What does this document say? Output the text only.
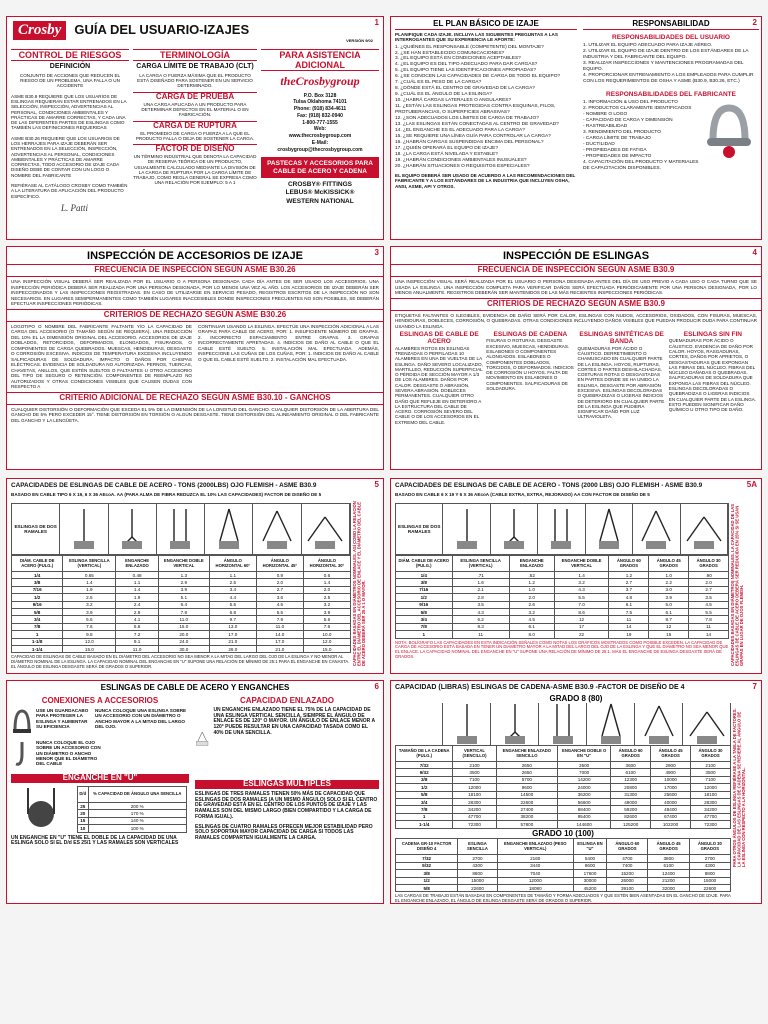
1
Crosby	GUÍA DEL USUARIO-IZAJES
VERSIÓN 9/02
CONTROL DE RIESGOS
DEFINICIÓN
CONJUNTO DE ACCIONES QUE REDUCEN EL RIESGO DE UN PROBLEMA, UNA FALLA O UN ACCIDENTE
ASME B30.9 REQUIERE QUE LOS USUARIOS DE ESLINGAS REQUIERAN ESTAR ENTRENADOS EN LA SELECCIÓN, INSPECCIÓN, ADVERTENCIAS AL PERSONAL, CONDICIONES AMBIENTALES Y PRÁCTICAS DE AMARRE CORRECTAS, Y CADA UNA DE LAS DIFERENTES PARTES DE ESLINGAS COMO TAMBIÉN LAS DEFINICIONES REQUERIDAS
ASME B30.26 REQUIERE QUE LOS USUARIOS DE LOS HERRAJES PARA IZAJE DEBERÁN SER ENTRENADOS EN LA SELECCIÓN, INSPECCIÓN, ADVERTENCIAS AL PERSONAL, CONDICIONES AMBIENTALES Y PRÁCTICAS DE AMARRE CORRECTAS, TODO ACCESORIO DE IZAJE CADA DISEÑO DEBE DE CONTAR CON UN LOGO O NOMBRE DEL FABRICANTE
REFIÉRASE AL CATÁLOGO CROSBY COMO TAMBIÉN A LA LITERATURA DE APLICACIÓN DEL PRODUCTO ESPECÍFICO.
L. Patti
TERMINOLOGÍA
CARGA LÍMITE DE TRABAJO (CLT)
LA CARGA O FUERZA MÁXIMA QUE EL PRODUCTO ESTÁ DISEÑADO PARA SOSTENER EN UN SERVICIO DETERMINADO.
CARGA DE PRUEBA
UNA CARGA APLICADA A UN PRODUCTO PARA DETERMINAR DEFECTOS EN EL MATERIAL O EN FABRICACIÓN.
CARGA DE RUPTURA
EL PROMEDIO DE CARGA O FUERZA A LA QUE EL PRODUCTO FALLA O DEJA DE SOSTENER LA CARGA.
FACTOR DE DISEÑO
UN TÉRMINO INDUSTRIAL QUE DENOTA LA CAPACIDAD DE RESERVA TEÓRICA DE UN PRODUCTO, USUALMENTE CALCULADO MEDIANTE LA DIVISIÓN DE LA CARGA DE RUPTURA POR LA CARGA LÍMITE DE TRABAJO, COMO REGLA GENERAL SE EXPRESA COMO UNA RELACIÓN POR EJEMPLO: 5 A 1
PARA ASISTENCIA ADICIONAL
theCrosbygroup
P.O. Box 3128
Tulsa Oklahoma 74101
Phone: (918) 834-4611
Fax: (918) 832-0940
1-800-777-1555
Web:
www.thecrosbygroup.com
E-Mail:
crosbygroup@thecrosbygroup.com
PASTECAS Y ACCESORIOS PARA CABLE DE ACERO Y CADENA
CROSBY® FITTINGS
LEBUS® McKISSICK®
WESTERN NATIONAL
2
EL PLAN BÁSICO DE IZAJE
PLANIFIQUE CADA IZAJE. INCLUYA LAS SIGUIENTES PREGUNTAS A LAS INTERROGANTES QUE SU EXPERIENCIA LE APORTE:
1. ¿QUIÉNES EL RESPONSABLE (COMPETENTE) DEL MONTAJE?
2. ¿SE HAN ESTABLECIDO COMUNICACIONES?
3. ¿EL EQUIPO ESTÁ EN CONDICIONES ACEPTABLES?
4. ¿EL EQUIPO ES DEL TIPO ADECUADO PARA DAR CARGAS?
5. ¿EL EQUIPO TIENE LAS IDENTIFICACIONES APROPIADAS?
6. ¿SE CONOCEN LAS CAPACIDADES DE CARGA DE TODO EL EQUIPO?
7. ¿CUÁL ES EL PESO DE LA CARGA?
8. ¿DÓNDE ESTÁ EL CENTRO DE GRAVEDAD DE LA CARGA?
9. ¿CUÁL ES EL ÁNGULO DE LA ESLINGA?
10. ¿HABRÁ CARGAS LATERALES O ANGULARES?
11. ¿ESTÁN LAS ESLINGAS PROTEGIDAS CONTRA ESQUINAS, FILOS, PROTUBERANCIAS, O SUPERFICIES ABRASIVAS?
12. ¿SON ADECUADOS LOS LÍMITES DE CARGA DE TRABAJO?
13. ¿LAS ESLINGAS ESTÁN CONECTADAS AL CENTRO DE GRAVEDAD?
14. ¿EL ENGANCHE ES EL ADECUADO PARA LA CARGA?
15. ¿SE REQUIERE UNA LÍNEA GUÍA PARA CONTROLAR LA CARGA?
16. ¿HABRÁN CARGAS SUSPENDIDAS ENCIMA DEL PERSONAL?
17. ¿QUIÉN OPERARÁ EL EQUIPO DE IZAJE?
18. ¿LA CARGA ESTÁ NIVELADA Y ESTABLE?
19. ¿HABRÁN CONDICIONES AMBIENTALES INUSUALES?
20. ¿HABRÁN SITUACIONES O REQUISITOS ESPECIALES?
EL EQUIPO DEBERÁ SER USADO DE ACUERDO A LAS RECOMENDACIONES DEL FABRICANTE Y A LOS ESTÁNDARES DE LA INDUSTRIA QUE INCLUYEN OSHA, ANSI, ASME, API Y OTROS.
RESPONSABILIDAD
RESPONSABILIDADES DEL USUARIO
1. UTILIZAR EL EQUIPO ADECUADO PARA IZAJE AÉREO.
2. UTILIZAR EL EQUIPO DE IZAJE DENTRO DE LOS ESTÁNDARES DE LA INDUSTRIA Y DEL FABRICANTE DEL EQUIPO.
3. REALIZAR INSPECCIONES Y MANTENCIONES PROGRAMADAS DEL EQUIPO.
4. PROPORCIONAR ENTRENAMIENTO A LOS EMPLEADOS PARA CUMPLIR CON LOS REQUERIMIENTOS DE OSHA Y ASME (B30.9, B30.26, ETC.)
RESPONSABILIDADES DEL FABRICANTE
1. INFORMACIÓN & USO DEL PRODUCTO
2. PRODUCTOS CLARAMENTE IDENTIFICADOS
- NOMBRE O LOGO
- CAPACIDAD DE CARGA Y DIMENSIÓN
- RASTREABILIDAD
3. RENDIMIENTO DEL PRODUCTO
- CARGA LÍMITE DE TRABAJO
- DUCTILIDAD
- PROPIEDADES DE FATIGA
- PROPIEDADES DE IMPACTO
4. CAPACITACIÓN DEL PRODUCTO Y MATERIALES DE CAPACITACIÓN DISPONIBLES.
3
INSPECCIÓN DE ACCESORIOS DE IZAJE
FRECUENCIA DE INSPECCIÓN SEGÚN ASME B30.26
UNA INSPECCIÓN VISUAL DEBERÁ SER REALIZADA POR EL USUARIO O A PERSONA DESIGNADA CADA DÍA ANTES DE SER USADO LOS ACCESORIOS. UNA INSPECCIÓN PERIÓDICA DEBERÁ SER REALIZADA POR UNA PERSONA DESIGNADA, POR LO MENOS UNA VEZ AL AÑO. LOS ACCESORIOS DE IZAJE DEBERÁN SER INSPECCIONADOS Y LAS INSPECCIONES REGISTRADAS. EN CASO DE UTILIZARSE EN SERVICIO PESADO, REGISTROS ESCRITOS DE LA INSPECCIÓN NO SON NECESARIOS. EN LUGARES SEMIPERMANENTES COMO TAMBIÉN LUGARES INACCESIBLES DONDE INSPECCIONES FRECUENTES NO SON POSIBLES, SE DEBERÁN EFECTUAR INSPECCIONES PERIÓDICAS.
CRITERIOS DE RECHAZO SEGÚN ASME B30.26
LOGOTIPO O NOMBRE DEL FABRICANTE FALTANTE Y/O LA CAPACIDAD DE CARGA DEL ACCESORIO (O TAMAÑO SEGÚN SE REQUIERA). UNA REDUCCIÓN DEL 10% EL LA DIMENSIÓN ORIGINAL DEL ACCESORIO. ACCESORIOS DE IZAJE DOBLADOS, RETORCIDOS, DEFORMADOS, ELONGADOS, FISURADOS, O COMPONENTES DE CARGA QUEBRADOS. MUESCAS, HENDIDURAS, DESGASTE O CORROSIÓN EXCESIVA. INDICIOS DE TEMPERATURA EXCESIVA INCLUYENDO SALPICADURAS DE SOLDADURA. IMPACTO O DAÑOS POR CHISPAS ELÉCTRICAS. EVIDENCIA DE SOLDADURA NO AUTORIZADA. PERNOS, TUERCAS, CHAVETAS, ANILLOS, QUE ESTÉN SUELTOS O FALTANTES U OTRO ACCESORIO DEL TIPO DE SEGURO O RETENCIÓN. COMPONENTES DE REEMPLAZO NO AUTORIZADOS Y OTRAS CONDICIONES VISIBLES QUE CAUSEN DUDAS CON RESPECTO A
CONTINUAR USANDO LA ESLINGA. EFECTÚE UNA INSPECCIÓN ADICIONAL A LAS GRAPAS PARA CABLE DE ACERO, POR: 1. INSUFICIENTE NÚMERO DE GRAPAS. 2. INCORRECTO ESPACIAMIENTO ENTRE GRAPAS. 3. GRAPAS INCORRECTAMENTE APRETADAS. 4. INDICIOS DE DAÑO AL CABLE O QUE EL CABLE ESTÉ SUELTO. 5. INSTALACIÓN MAL EFECTUADA. ADEMÁS, INSPECCIONE LAS CUÑAS DE LOS CUÑAS, POR: 1. INDICIOS DE DAÑO AL CABLE O QUE EL CABLE ESTÉ SUELTO. 2. INSTALACIÓN MAL EFECTUADA.
CRITERIO ADICIONAL DE RECHAZO SEGÚN ASME B30.10 - GANCHOS
CUALQUIER DISTORSIÓN O DEFORMACIÓN QUE EXCEDA EL 5% DE LA DIMENSIÓN DE LA LONGITUD DEL GANCHO. CUALQUIER DISTORSIÓN DE LA ABERTURA DEL GANCHO DE 5% PERO EXCEDER 15°. TIENE DISTORSIÓN EN TORSIÓN O ALGÚN DESGASTE. TIENE DISTORSIÓN DEL ALINEAMIENTO ORIGINAL O DEL FABRICANTE DEL GANCHO Y LA LENGÜETA.
4
INSPECCIÓN DE ESLINGAS
FRECUENCIA DE INSPECCIÓN SEGÚN ASME B30.9
UNA INSPECCIÓN VISUAL SERÁ REALIZADA POR EL USUARIO O PERSONA DESIGNADA ANTES DEL DÍA DE USO PREVIO A CADA USO O CADA TURNO QUE SE USADA LA ESLINGA. UNA INSPECCIÓN COMPLETA PARA VERIFICAR DAÑOS SERÁ EFECTUADA PERIÓDICAMENTE POR UNA PERSONA DESIGNADA, POR LO MENOS ANUALMENTE. REGISTROS DEBERÁN SER MANTENIDOS DE LAS MÁS RECIENTES INSPECCIONES PERIÓDICAS.
CRITERIOS DE RECHAZO SEGÚN ASME B30.9
ETIQUETAS FALTANTES O ILEGIBLES, EVIDENCIA DE DAÑO SERÁ POR CALOR, ESLINGAS CON NUDOS, ACCESORIOS, OXIDADOS, CON FISURAS, MUESCAS, HENDIDURAS, DOBLECES, CORROSIÓN, O QUEBRADAS. OTRAS CONDICIONES INCLUYENDO DAÑOS VISIBLES QUE PUEDAN PRODUCIR DUDA PARA CONTINUAR USANDO LA ESLINGA.
ESLINGAS DE CABLE DE ACERO
ALAMBRES ROTOS EN ESLINGAS TRENZADAS O PERFILADAS 10 ALAMBRES EN UNA DE VUELTAS DE LA ESLINGA. DAÑO SEVERO LOCALIZADO, MARTILLEO, REDUCCIÓN SUPERFICIAL O PÉRDIDA DE SECCIÓN MAYOR A 1/3 DE LOS ALAMBRES. DAÑOS POR CALOR. DESGASTE O ABRASIÓN. SEVERA ABRASIÓN. DOBLECES PERMANENTES. CUALQUIER OTRO DAÑO QUE REFLEJE EN DETERIORO A LA ESTRUCTURA DEL CABLE DE ACERO. CORROSIÓN SEVERO DEL CABLE O DE LOS ACCESORIOS EN EL EXTREMO DEL CABLE.
ESLINGAS DE CADENA
FISURAS O ROTURAS. DESGASTE EXCESIVO, MUESCAS, HENDIDURAS. ESLABONES O COMPONENTES ALONGADOS. ESLABONES O COMPONENTES DOBLADOS, TORCIDOS, O DEFORMADOS. INDICIOS DE CORROSIÓN U HOYOS. FALTA DE MOVIMIENTO EN ESLABONES O COMPONENTES. SALPICADURAS DE SOLDADURA.
ESLINGAS SINTÉTICAS DE BANDA
QUEMADURAS POR ÁCIDO O CÁUSTICO. DERRETIMIENTO O CHAMUSCADO EN CUALQUIER PARTE DE LA ESLINGA. HOYOS, RUPTURAS, CORTES O PARTES DESHILACHADAS. COSTURAS ROTAS O DESGASTADAS EN PARTES DONDE SE HA UNIDO LA ESLINGA. DESGASTE POR ABRASIÓN EXCESIVA. ESLINGAS DECOLORADAS O QUEBRADIZAS O LIGERAS INDICIOS DE DETERIORO EN CUALQUIER PARTE DE LA ESLINGA QUE PUDIERA SIGNIFICAR DAÑO POR LUZ ULTRAVIOLETA.
ESLINGAS SIN FIN
QUEMADURAS POR ÁCIDO O CÁUSTICO. EVIDENCIA DE DAÑO POR CALOR. HOYOS, RASGADURAS, CORTES, DAÑOS POR APRIETOS, O DESGASTADURAS QUE EXPONGAN LAS FIBRAS DEL NÚCLEO. FIBRAS DEL NÚCLEO DAÑADAS O QUEBRADAS. SALPICADURAS DE SOLDADURA QUE EXPONGA LAS FIBRAS DEL NÚCLEO. ESLINGAS DECOLORADAS O QUEBRADIZAS O LIGERAS INDICIOS EN CUALQUIER PARTE DE LA ESLINGA. ESTO PUEDEN SIGNIFICAR DAÑO QUÍMICO U OTRO TIPO DE DAÑO.
5
CAPACIDADES DE ESLINGAS DE CABLE DE ACERO - TONS (2000LBS) OJO FLEMISH - ASME B30.9
BASADO EN CABLE TIPO 6 X 19, 6 X 36 AEcoA. AA (PARA ALMA DE FIBRA REDUZCA EL 10% LAS CAPACIDADES) FACTOR DE DISEÑO DE 5
ESLINGAS DE DOS RAMALES
DIÁM. CABLE DE ACERO (PULG.)	ESLINGA SENCILLA (VERTICAL)	ENGANCHE ENLAZADO	ENGANCHE DOBLE VERTICAL	ÁNGULO HORIZONTAL 60°	ÁNGULO HORIZONTAL 45°	ÁNGULO HORIZONTAL 30°
1/4	0.65	0.48	1.3	1.1	0.9	0.6
3/8	1.4	1.1	2.9	2.5	2.0	1.4
7/16	1.9	1.4	3.9	3.4	2.7	2.0
1/2	2.5	1.9	5.1	4.4	3.6	2.5
9/16	3.2	2.4	6.4	5.5	4.5	3.2
5/8	3.9	2.9	7.8	6.8	5.5	3.9
3/4	5.6	4.1	11.0	9.7	7.9	5.6
7/8	7.6	5.6	15.0	13.0	11.0	7.6
1	9.8	7.2	20.0	17.0	14.0	10.0
1-1/8	12.0	9.1	24.0	21.0	17.0	12.0
1-1/4	15.0	11.0	30.0	26.0	21.0	15.0
CAPACIDAD DE ESLINGAS DE CABLE BASADO EN EL DIÁMETRO DEL ACCESORIO NO SEA MENOR A LA MITAD DEL LARGO DEL OJO DE LA ESLINGA Y NO MENOR AL DIÁMETRO NOMINAL DE LA ESLINGA. LA CAPACIDAD NOMINAL DEL ENGANCHE EN "U" SUPONE UNA RELACIÓN DE MÍNIMO DE 25:1 PARA EL ENGANCHE EN CANASTA. EL ÁNGULO DE ESLINGA DESGASTE SERÁ DE GRADOS O SUPERIOR.
CAPACIDADES BASADAS EN DIÁMETROS NOMINALES. ASÍ COMO LA RELACIÓN ENTRE EL DIÁMETRO DEL ACCESORIO DE ENLACE Y EL DIÁMETRO DEL CABLE DE ACERO DEBERÁ SER 25 A 1 O MAYOR.
5A
CAPACIDADES DE ESLINGAS DE CABLE DE ACERO - TONS (2000 LBS) OJO FLEMISH - ASME B30.9
BASADO EN CABLE 6 X 19 Y 6 X 36 AEcoA (CABLE EXTRA, EXTRA, REJORADO) AA CON FACTOR DE DISEÑO DE 5
ESLINGAS DE DOS RAMALES
DIÁM. CABLE DE ACERO (PULG.)	ESLINGA SENCILLA (VERTICAL)	ENGANCHE ENLAZADO	ENGANCHE DOBLE VERTICAL	ÁNGULO 60 GRADOS	ÁNGULO 45 GRADOS	ÁNGULO 30 GRADOS
1/4	.71	.52	1.4	1.2	1.0	.90
3/8	1.6	1.2	3.2	2.7	2.2	2.0
7/16	2.1	1.0	4.3	3.7	3.0	2.7
1/2	2.8	2.0	5.5	4.8	3.9	3.5
9/16	3.5	2.6	7.0	6.1	5.0	4.5
5/8	4.3	3.2	8.6	7.5	6.1	5.5
3/4	6.2	4.5	12	11	8.7	7.8
7/8	8.3	6.1	17	14	12	11
1	11	8.0	22	19	15	14
NOTA: BOLÍGRAFO LAS CAPACIDADES EN ESTA INDICACIÓN SEÑALES COMO NOTAS LOS GRÁFICOS MOSTRADOS COMO POSIBLE EXCEDEN. LA CAPACIDAD DE CARGA DE ACCESORIO ESTÁ BASADA EN TENER UN DIÁMETRO MAYOR A LA MITAD DEL LARGO DEL OJO DE LA ESLINGA Y QUE EL DIÁMETRO NO SEA MENOR QUE EL ENLACE. LA CAPACIDAD NOMINAL DEL ENGANCHE EN "U" SUPONE UNA RELACIÓN DE MÍNIMO DE 25:1. MÁS EL ENGANCHE DE ESLINGA DESGASTE SERÁ DE GRADOS.	CAPACIDADES BASADAS EN DIÁMETROS NOMINALES. LA CAPACIDAD DE LAS ESLINGAS DE CABLE DE ACERO DEBERÁ SER REDUCIDA EN 25% SI SE USAN GRAPAS EN LUGAR DE OJOS FLEMISH.
6
ESLINGAS DE CABLE DE ACERO Y ENGANCHES
CONEXIONES A ACCESORIOS
USE UN GUARDACABO PARA PROTEGER LA ESLINGA Y AUMENTAR SU EFICIENCIA
NUNCA COLOQUE UNA ESLINGA SOBRE UN ACCESORIO CON UN DIÁMETRO O ANCHO MAYOR A LA MITAD DEL LARGO DEL OJO.
NUNCA COLOQUE EL OJO SOBRE UN ACCESORIO CON UN DIÁMETRO O ANCHO MENOR QUE EL DIÁMETRO DEL CABLE
ENGANCHE EN "U"
D/d	% CAPACIDAD DE ÁNGULO UNA SENCILLA
25	200 %
20	170 %
15	140 %
10	100 %
UN ENGANCHE EN "U" TIENE EL DOBLE DE LA CAPACIDAD DE UNA ESLINGA SOLO SI EL D/d ES 25/1 Y LAS RAMALES SON VERTICALES
CAPACIDAD ENLAZADO
UN ENGANCHE ENLAZADO TIENE EL 75% DE LA CAPACIDAD DE UNA ESLINGA VERTICAL SENCILLA, SIEMPRE EL ÁNGULO DE ENLACE ES DE 120° O MAYOR. UN ÁNGULO DE ENLACE MENOR A 120° PUEDE RESULTAR EN UNA CAPACIDAD TASADA COMO EL 40% DE UNA SENCILLA.
ESLINGAS MÚLTIPLES
ESLINGAS DE TRES RAMALES TIENEN 50% MÁS DE CAPACIDAD QUE ESLINGAS DE DOS RAMALES (A UN MISMO ÁNGULO) SOLO SI EL CENTRO DE GRAVEDAD ESTÁ EN EL CENTRO DE LOS PUNTOS DE IZAJE Y LAS RAMALES SON DEL MISMO LARGO (BIEN COMPARTIDO Y LA CARGA DE FORMA IGUAL).
ESLINGAS DE CUATRO RAMALES OFRECEN MEJOR ESTABILIDAD PERO SOLO SOPORTAN MAYOR CAPACIDAD DE CARGA SI TODOS LAS RAMALES COMPARTEN IGUALMENTE LA CARGA.
7
CAPACIDAD (LIBRAS) ESLINGAS DE CADENA-ASME B30.9 -FACTOR DE DISEÑO DE 4
GRADO 8 (80)
TAMAÑO DE LA CADENA (PULG.)	VERTICAL (SENCILLO)	ENGANCHE ENLAZADO SENCILLO	ENGANCHE DOBLE O EN "U"	ÁNGULO 60 GRADOS	ÁNGULO 45 GRADOS	ÁNGULO 30 GRADOS
7/32	2100	2650	3500	3600	2900	2100
9/32	3500	2650	7000	6100	4900	3500
3/8	7100	5700	14200	12300	10000	7100
1/2	12000	9600	24000	20800	17000	12000
5/8	18100	14500	36200	31300	25600	18100
3/4	28300	22600	56600	49000	40000	28300
7/8	34200	27400	68400	59200	48400	34200
1	47700	38200	95400	82600	67400	47700
1-1/4	72300	57800	144600	125200	102200	72300
GRADO 10 (100)
CADENA GR-10 FACTOR DISEÑO 4	ESLINGA SENCILLA	ENGANCHE ENLAZADO (PESO VERTICAL)	ESLINGA EN "U"	ÁNGULO 60 GRADOS	ÁNGULO 45 GRADOS	ÁNGULO 30 GRADOS
7/32	2700	2160	5400	4700	3800	2700
9/32	4300	3440	8600	7400	6100	4300
3/8	8800	7040	17600	15200	12400	8800
1/2	15000	12000	30000	26000	21200	15000
5/8	22600	18080	45200	39100	32000	22600
LAS CARGAS DE TRABAJO ESTÁN BASADAS EN COMPONENTES DE TAMAÑO Y FORMA ADECUADOS Y QUE ESTÉN BIEN ASENTADAS EN EL GANCHO DE IZAJE. PARA EL ENGANCHE ENLAZADO, EL ÁNGULO DE ESLINGA DESGASTE SERÁ DE GRADOS O SUPERIOR.
PARA OTROS ÁNGULOS DE ESLINGA REFIÉRASE A LA TABLA DE FACTORES. LA CAPACIDAD DE LAS ESLINGAS DE CADENA SE REFIERE AL ÁNGULO DE LA ESLINGA CON RESPECTO A LA HORIZONTAL.
